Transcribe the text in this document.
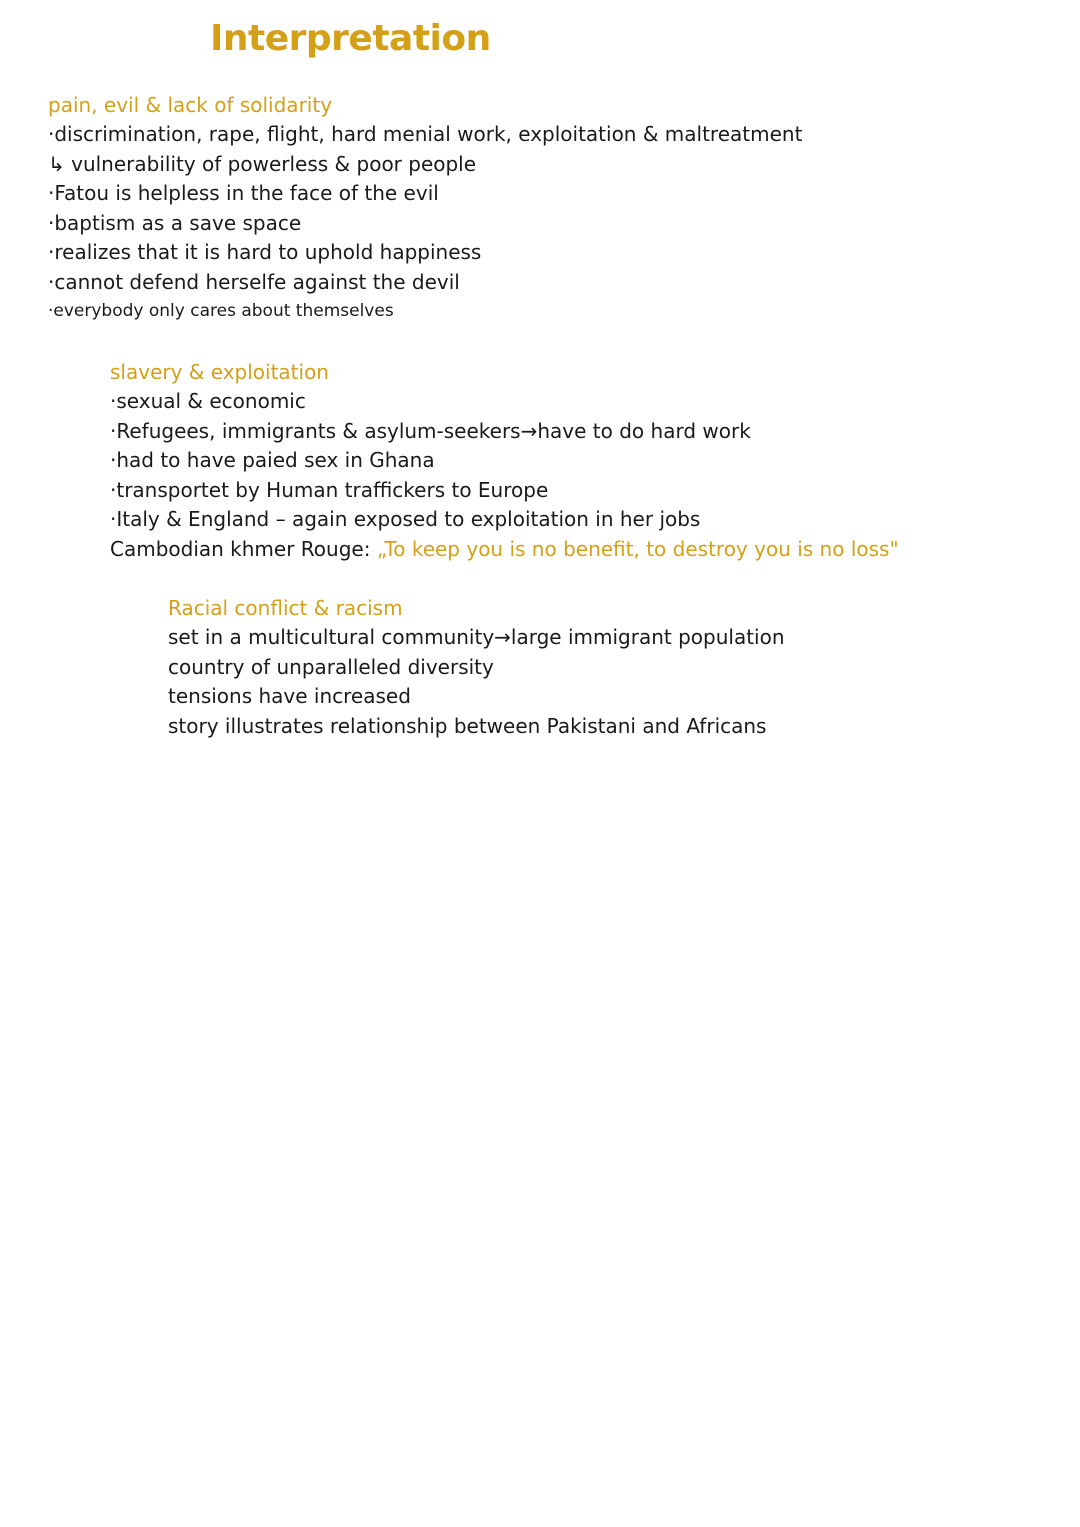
Interpretation
pain, evil & lack of solidarity
·discrimination, rape, flight, hard menial work, exploitation & maltreatment
↳ vulnerability of powerless & poor people
·Fatou is helpless in the face of the evil
·baptism as a save space
·realizes that it is hard to uphold happiness
·cannot defend herselfe against the devil
·everybody only cares about themselves
slavery & exploitation
·sexual & economic
·Refugees, immigrants & asylum-seekers→have to do hard work
·had to have paied sex in Ghana
·transportet by Human traffickers to Europe
·Italy & England – again exposed to exploitation in her jobs
Cambodian khmer Rouge: „To keep you is no benefit, to destroy you is no loss"
Racial conflict & racism
set in a multicultural community→large immigrant population
country of unparalleled diversity
tensions have increased
story illustrates relationship between Pakistani and Africans
